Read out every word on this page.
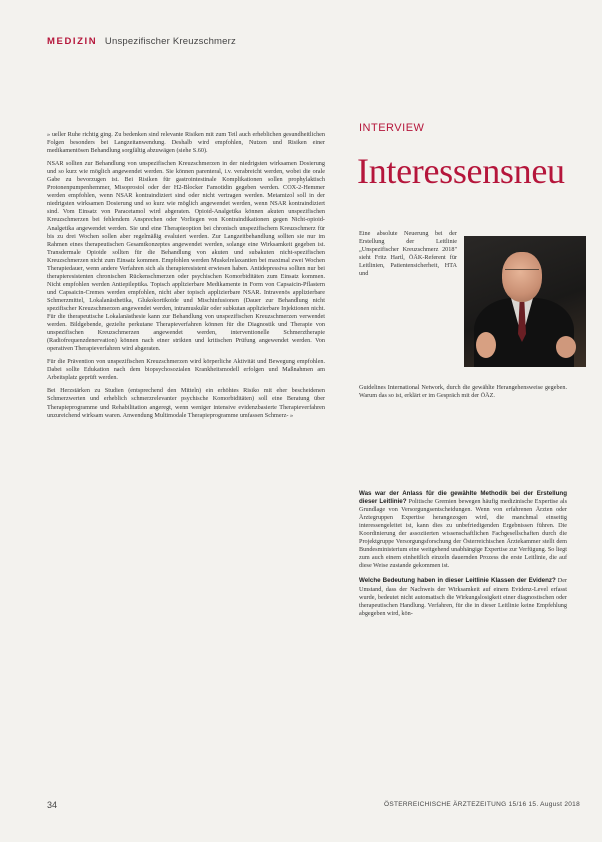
MEDIZIN Unspezifischer Kreuzschmerz

» ueller Ruhe richtig ging. Zu bedenken sind relevante Risiken mit zum Teil auch erheblichen gesundheitlichen Folgen besonders bei Langzeitanwendung. Deshalb wird empfohlen, Nutzen und Risiken einer medikamentösen Behandlung sorgfältig abzuwägen (siehe S.60).

NSAR sollten zur Behandlung von unspezifischen Kreuzschmerzen in der niedrigsten wirksamen Dosierung und so kurz wie möglich angewendet werden. Sie können parenteral, i.v. verabreicht werden, wobei die orale Gabe zu bevorzugen ist. Bei Risiken für gastrointestinale Komplikationen sollen prophylaktisch Protonenpumpenhemmer, Misoprostol oder der H2-Blocker Famotidin gegeben werden. COX-2-Hemmer werden empfohlen, wenn NSAR kontraindiziert sind oder nicht vertragen werden. Metamizol soll in der niedrigsten wirksamen Dosierung und so kurz wie möglich angewendet werden, wenn NSAR kontraindiziert sind. Vom Einsatz von Paracetamol wird abgeraten. Opioid-Analgetika können akuten unspezifischen Kreuzschmerzen bei fehlendem Ansprechen oder Vorliegen von Kontraindikationen gegen Nicht-opioid-Analgetika angewendet werden. Sie und eine Therapieoption bei chronisch unspezifischem Kreuzschmerz für bis zu drei Wochen sollen aber regelmäßig evaluiert werden. Zur Langzeitbehandlung sollten sie nur im Rahmen eines therapeutischen Gesamtkonzeptes angewendet werden, solange eine Wirksamkeit gegeben ist. Transdermale Opioide sollten für die Behandlung von akuten und subakuten nicht-spezifischen Kreuzschmerzen nicht zum Einsatz kommen. Empfohlen werden Muskelrelaxantien bei maximal zwei Wochen Therapiedauer, wenn andere Verfahren sich als therapieresistent erwiesen haben. Antidepressiva sollten nur bei therapieresistenten chronischen Rückenschmerzen oder psychischen Komorbiditäten zum Einsatz kommen. Nicht empfohlen werden Antiepileptika. Topisch applizierbare Medikamente in Form von Capsaicin-Pflastern und Capsaicin-Cremes werden empfohlen, nicht aber topisch applizierbare NSAR. Intravenös applizierbare Schmerzmittel, Lokalanästhetika, Glukokortikoide und Mischinfusionen (Dauer zur Behandlung nicht spezifischer Kreuzschmerzen angewendet werden, intramuskulär oder subkutan applizierbare Injektionen nicht. Für die therapeutische Lokalanästhesie kann zur Behandlung von unspezifischen Kreuzschmerzen verwendet werden. Bildgebende, gezielte perkutane Therapieverfahren können für die Diagnostik und Therapie von unspezifischen Kreuzschmerzen angewendet werden, interventionelle Schmerztherapie (Radiofrequenzdenervation) können nach einer strikten und kritischen Prüfung angewendet werden. Von operativen Therapieverfahren wird abgeraten.

Für die Prävention von unspezifischen Kreuzschmerzen wird körperliche Aktivität und Bewegung empfohlen. Dabei sollte Edukation nach dem biopsychosozialen Krankheitsmodell erfolgen und Maßnahmen am Arbeitsplatz geprüft werden.

Bei Herzstärken zu Studien (entsprechend den Mitteln) ein erhöhtes Risiko mit eher bescheidenen Schmerzwerten und erheblich schmerzrelevanter psychische Komorbiditäten) soll eine Beratung über Therapieprogramme und Rehabilitation angeregt, wenn weniger intensive evidenzbasierte Therapieverfahren unzureichend wirksam waren. Anwendung Multimodale Therapieprogramme umfassen Schmerz- »

INTERVIEW
Interessensneu

Eine absolute Neuerung bei der Erstellung der Leitlinie „Unspezifischer Kreuzschmerz 2018" sieht Fritz Hartl, ÖÄK-Referent für Leitlinien, Patientensicherheit, HTA und

Guidelines International Network, durch die gewählte Herangehensweise gegeben. Warum das so ist, erklärt er im Gespräch mit der ÖÄZ.

Was war der Anlass für die gewählte Methodik bei der Erstellung dieser Leitlinie? Politische Gremien bewegen häufig medizinische Expertise als Grundlage von Versorgungsentscheidungen. Wenn von erfahrenen Ärzten oder Ärztegruppen Expertise herangezogen wird, die manchmal einseitig interessengeleitet ist, kann dies zu unbefriedigenden Ergebnissen führen. Die Koordinierung der assoziierten wissenschaftlichen Fachgesellschaften durch die Projektgruppe Versorgungsforschung der Österreichischen Ärztekammer stellt dem Bundesministerium eine weitgehend unabhängige Expertise zur Verfügung. So liegt zum auch einem einheitlich einzeln dauernden Prozess die erste Leitlinie, die auf diese Weise zustande gekommen ist.

Welche Bedeutung haben in dieser Leitlinie Klassen der Evidenz? Der Umstand, dass der Nachweis der Wirksamkeit auf einem Evidenz-Level erfasst wurde, bedeutet nicht automatisch die Wirkungslosigkeit einer diagnostischen oder therapeutischen Handlung. Verfahren, für die in dieser Leitlinie keine Empfehlung abgegeben wird, kön-

34	ÖSTERREICHISCHE ÄRZTEZEITUNG 15/16 15. August 2018
